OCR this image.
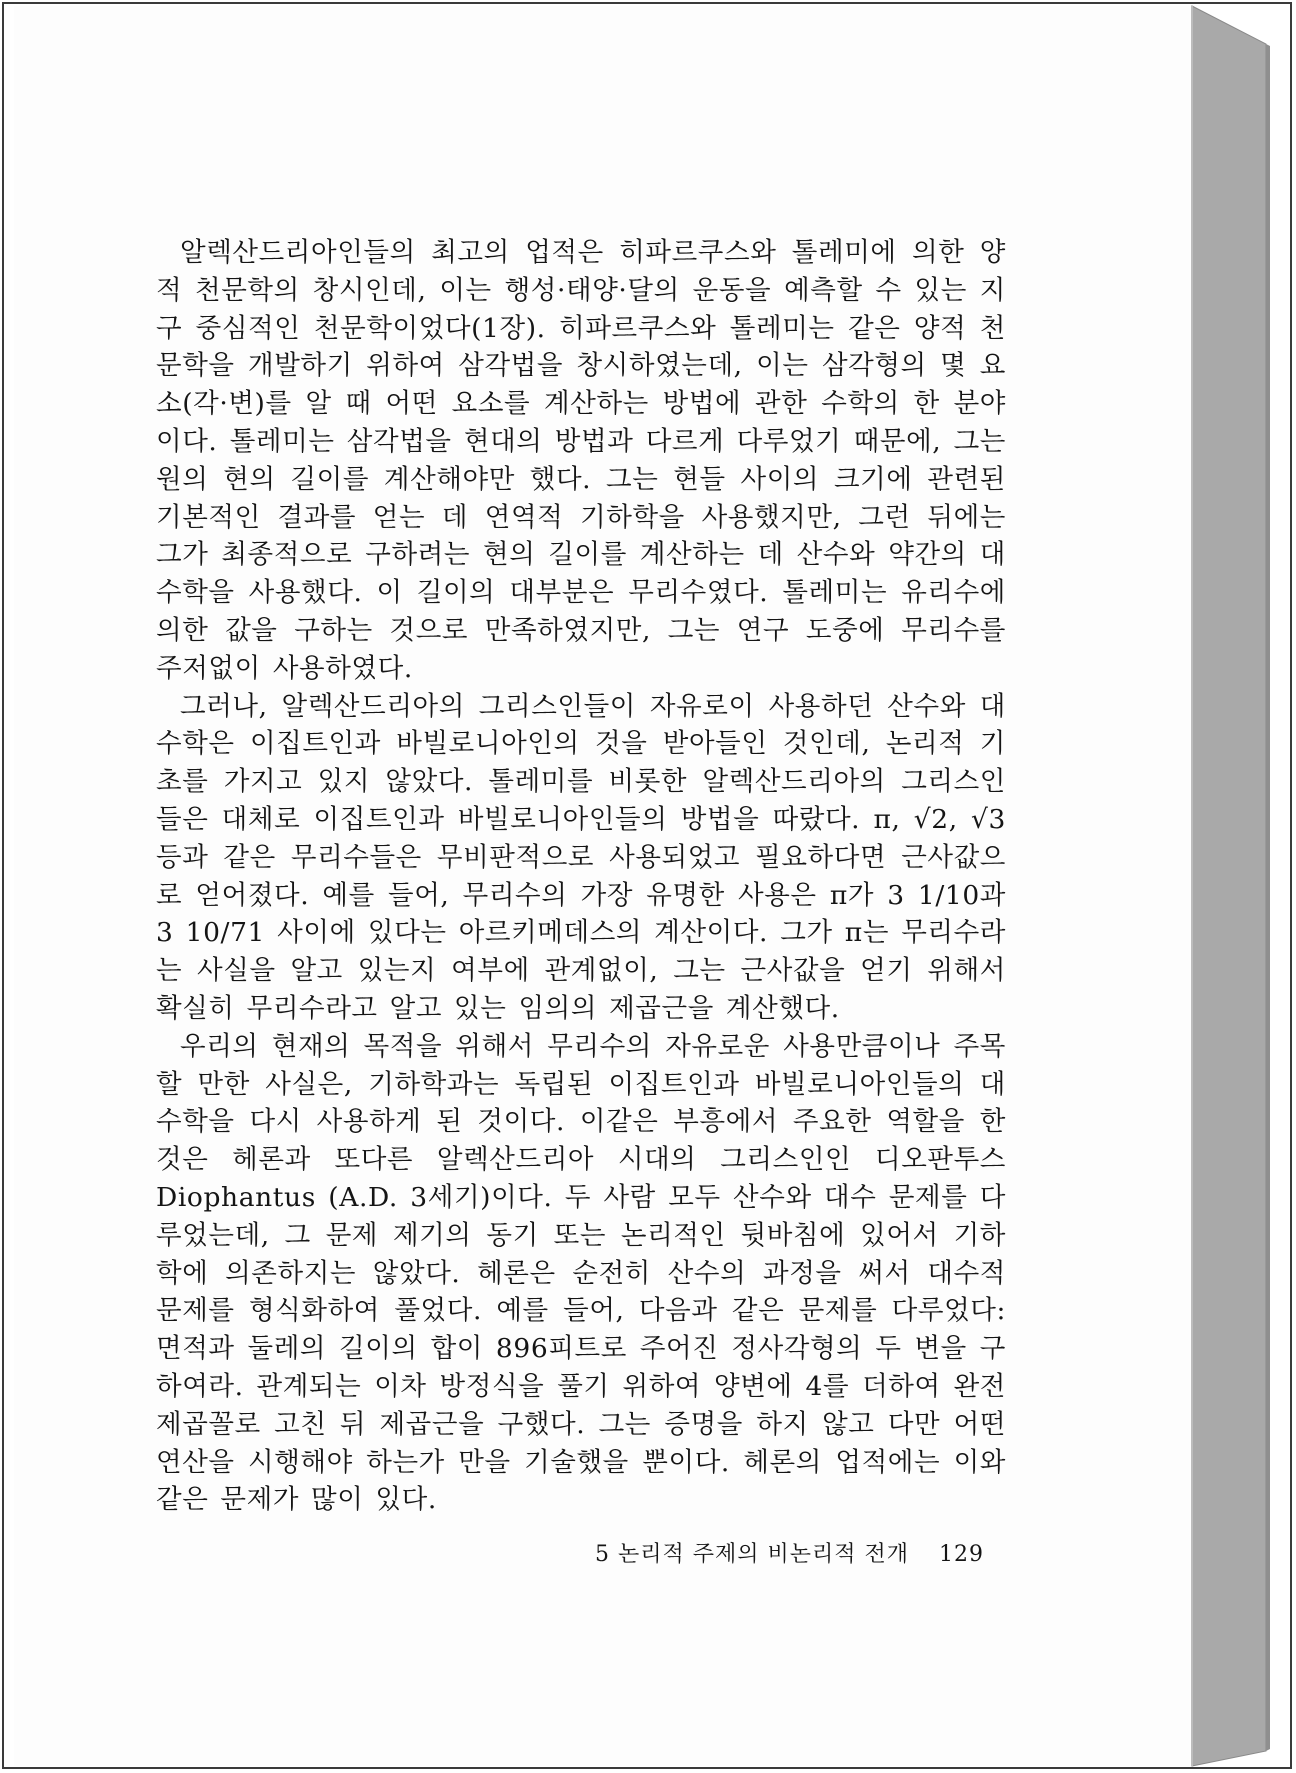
알렉산드리아인들의 최고의 업적은 히파르쿠스와 톨레미에 의한 양적 천문학의 창시인데, 이는 행성·태양·달의 운동을 예측할 수 있는 지구 중심적인 천문학이었다(1장). 히파르쿠스와 톨레미는 같은 양적 천문학을 개발하기 위하여 삼각법을 창시하였는데, 이는 삼각형의 몇 요소(각·변)를 알 때 어떤 요소를 계산하는 방법에 관한 수학의 한 분야이다. 톨레미는 삼각법을 현대의 방법과 다르게 다루었기 때문에, 그는 원의 현의 길이를 계산해야만 했다. 그는 현들 사이의 크기에 관련된 기본적인 결과를 얻는 데 연역적 기하학을 사용했지만, 그런 뒤에는 그가 최종적으로 구하려는 현의 길이를 계산하는 데 산수와 약간의 대수학을 사용했다. 이 길이의 대부분은 무리수였다. 톨레미는 유리수에 의한 값을 구하는 것으로 만족하였지만, 그는 연구 도중에 무리수를 주저없이 사용하였다.

그러나, 알렉산드리아의 그리스인들이 자유로이 사용하던 산수와 대수학은 이집트인과 바빌로니아인의 것을 받아들인 것인데, 논리적 기초를 가지고 있지 않았다. 톨레미를 비롯한 알렉산드리아의 그리스인들은 대체로 이집트인과 바빌로니아인들의 방법을 따랐다. π, √2, √3등과 같은 무리수들은 무비판적으로 사용되었고 필요하다면 근사값으로 얻어졌다. 예를 들어, 무리수의 가장 유명한 사용은 π가 3 1/10과 3 10/71 사이에 있다는 아르키메데스의 계산이다. 그가 π는 무리수라는 사실을 알고 있는지 여부에 관계없이, 그는 근사값을 얻기 위해서 확실히 무리수라고 알고 있는 임의의 제곱근을 계산했다.

우리의 현재의 목적을 위해서 무리수의 자유로운 사용만큼이나 주목할 만한 사실은, 기하학과는 독립된 이집트인과 바빌로니아인들의 대수학을 다시 사용하게 된 것이다. 이같은 부흥에서 주요한 역할을 한 것은 헤론과 또다른 알렉산드리아 시대의 그리스인인 디오판투스 Diophantus (A.D. 3세기)이다. 두 사람 모두 산수와 대수 문제를 다루었는데, 그 문제 제기의 동기 또는 논리적인 뒷바침에 있어서 기하학에 의존하지는 않았다. 헤론은 순전히 산수의 과정을 써서 대수적 문제를 형식화하여 풀었다. 예를 들어, 다음과 같은 문제를 다루었다: 면적과 둘레의 길이의 합이 896피트로 주어진 정사각형의 두 변을 구하여라. 관계되는 이차 방정식을 풀기 위하여 양변에 4를 더하여 완전제곱꼴로 고친 뒤 제곱근을 구했다. 그는 증명을 하지 않고 다만 어떤 연산을 시행해야 하는가 만을 기술했을 뿐이다. 헤론의 업적에는 이와 같은 문제가 많이 있다.

5 논리적 주제의 비논리적 전개 129
